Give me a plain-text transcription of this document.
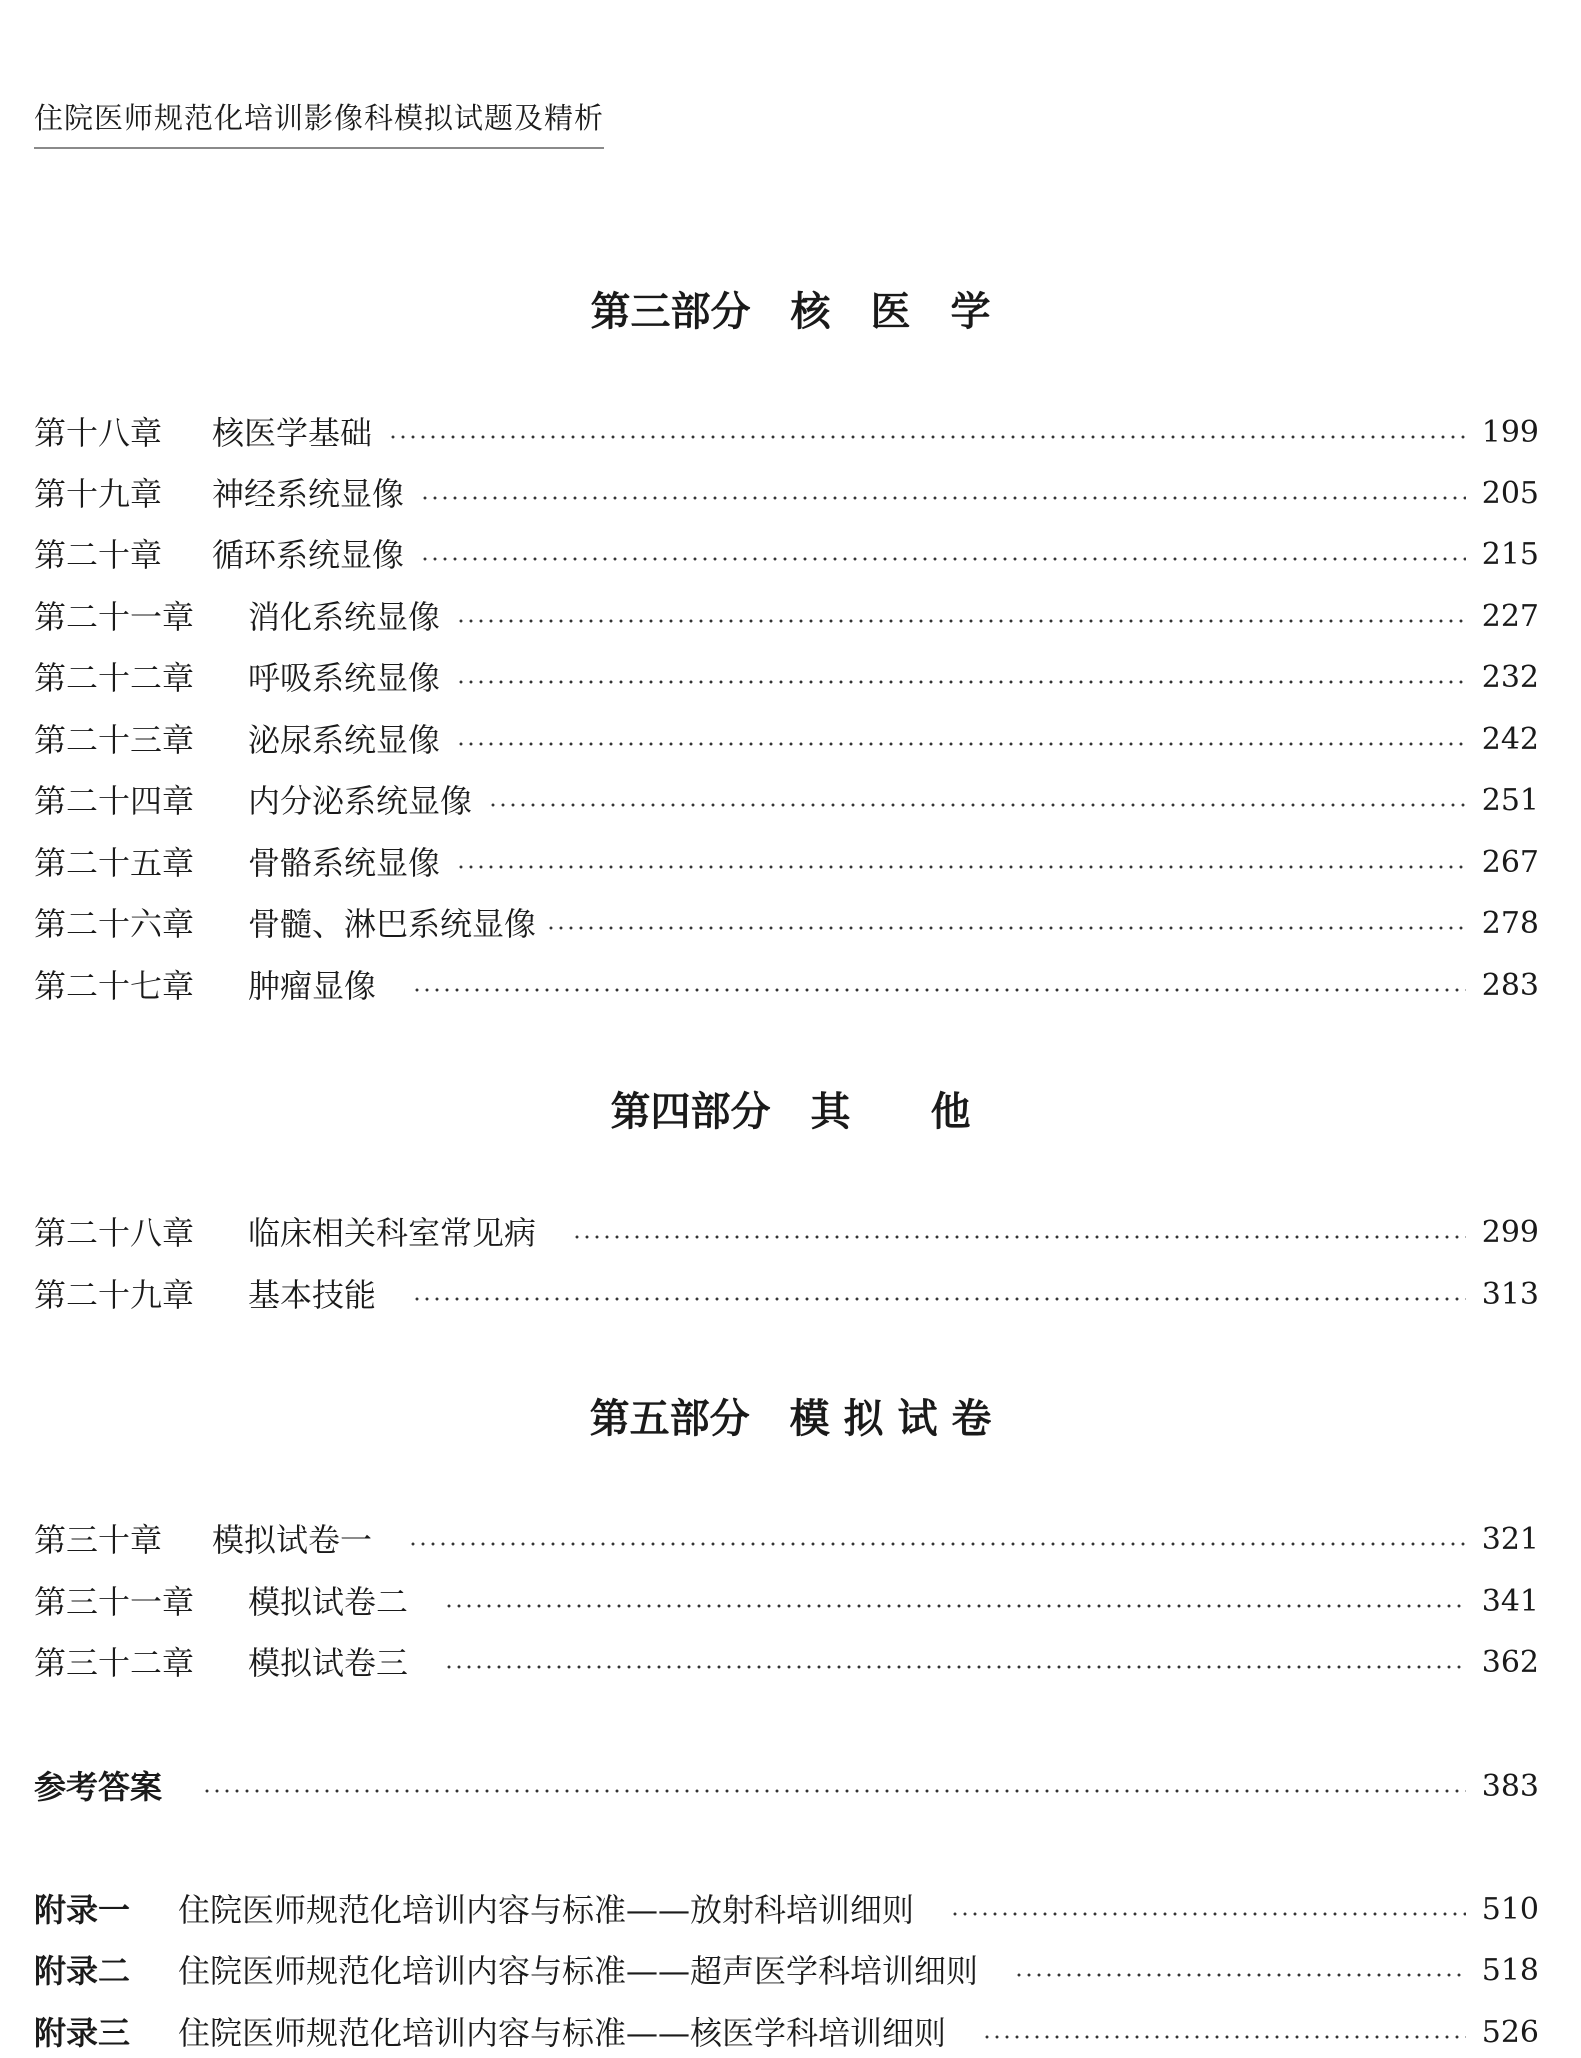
住院医师规范化培训影像科模拟试题及精析
第三部分　核　医　学
第十八章	核医学基础	199
第十九章	神经系统显像	205
第二十章	循环系统显像	215
第二十一章	消化系统显像	227
第二十二章	呼吸系统显像	232
第二十三章	泌尿系统显像	242
第二十四章	内分泌系统显像	251
第二十五章	骨骼系统显像	267
第二十六章	骨髓、淋巴系统显像	278
第二十七章	肿瘤显像	283
第四部分　其　　他
第二十八章	临床相关科室常见病	299
第二十九章	基本技能	313
第五部分　模 拟 试 卷
第三十章	模拟试卷一	321
第三十一章	模拟试卷二	341
第三十二章	模拟试卷三	362
参考答案	383
附录一	住院医师规范化培训内容与标准——放射科培训细则	510
附录二	住院医师规范化培训内容与标准——超声医学科培训细则	518
附录三	住院医师规范化培训内容与标准——核医学科培训细则	526
